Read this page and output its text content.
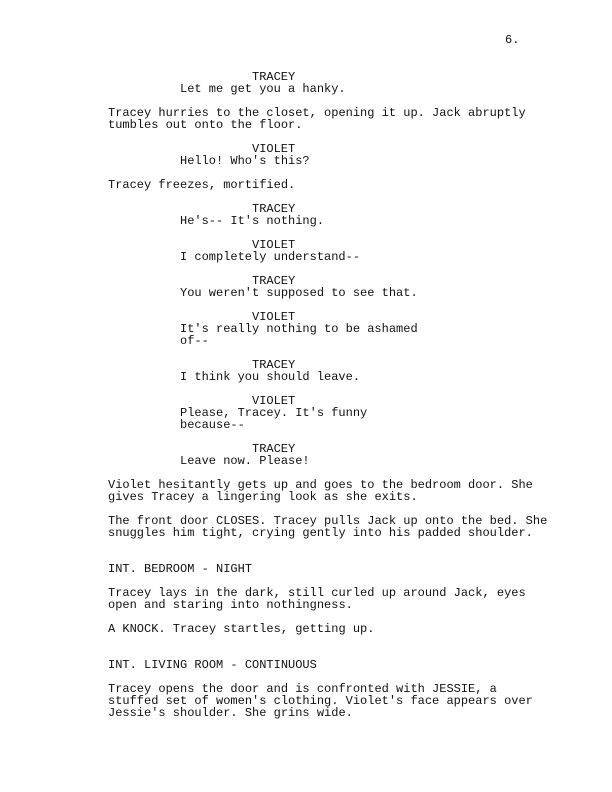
6.
TRACEY
Let me get you a hanky.
Tracey hurries to the closet, opening it up. Jack abruptly
tumbles out onto the floor.
VIOLET
Hello! Who's this?
Tracey freezes, mortified.
TRACEY
He's-- It's nothing.
VIOLET
I completely understand--
TRACEY
You weren't supposed to see that.
VIOLET
It's really nothing to be ashamed
of--
TRACEY
I think you should leave.
VIOLET
Please, Tracey. It's funny because--
TRACEY
Leave now. Please!
Violet hesitantly gets up and goes to the bedroom door. She
gives Tracey a lingering look as she exits.
The front door CLOSES. Tracey pulls Jack up onto the bed. She
snuggles him tight, crying gently into his padded shoulder.
INT. BEDROOM - NIGHT
Tracey lays in the dark, still curled up around Jack, eyes
open and staring into nothingness.
A KNOCK. Tracey startles, getting up.
INT. LIVING ROOM - CONTINUOUS
Tracey opens the door and is confronted with JESSIE, a
stuffed set of women's clothing. Violet's face appears over
Jessie's shoulder. She grins wide.
